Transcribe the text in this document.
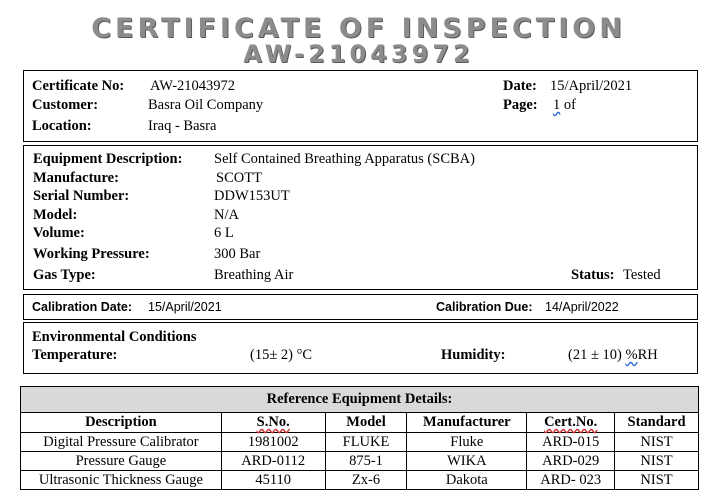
CERTIFICATE OF INSPECTION
AW-21043972
Certificate No: AW-21043972
Customer:	Basra Oil Company
Location:	Iraq - Basra
Date: 15/April/2021
Page: 1 of
Equipment Description: Self Contained Breathing Apparatus (SCBA)
Manufacture:	SCOTT
Serial Number:	DDW153UT
Model:	N/A
Volume:	6 L
Working Pressure:	300 Bar
Gas Type:	Breathing Air	Status: Tested
Calibration Date: 15/April/2021	Calibration Due: 14/April/2022
Environmental Conditions
Temperature:	(15± 2) °C	Humidity:	(21 ± 10) %RH
Reference Equipment Details:					
Description	S.No.	Model	Manufacturer	Cert.No.	Standard
Digital Pressure Calibrator	1981002	FLUKE	Fluke	ARD-015	NIST
Pressure Gauge	ARD-0112	875-1	WIKA	ARD-029	NIST
Ultrasonic Thickness Gauge	45110	Zx-6	Dakota	ARD- 023	NIST
